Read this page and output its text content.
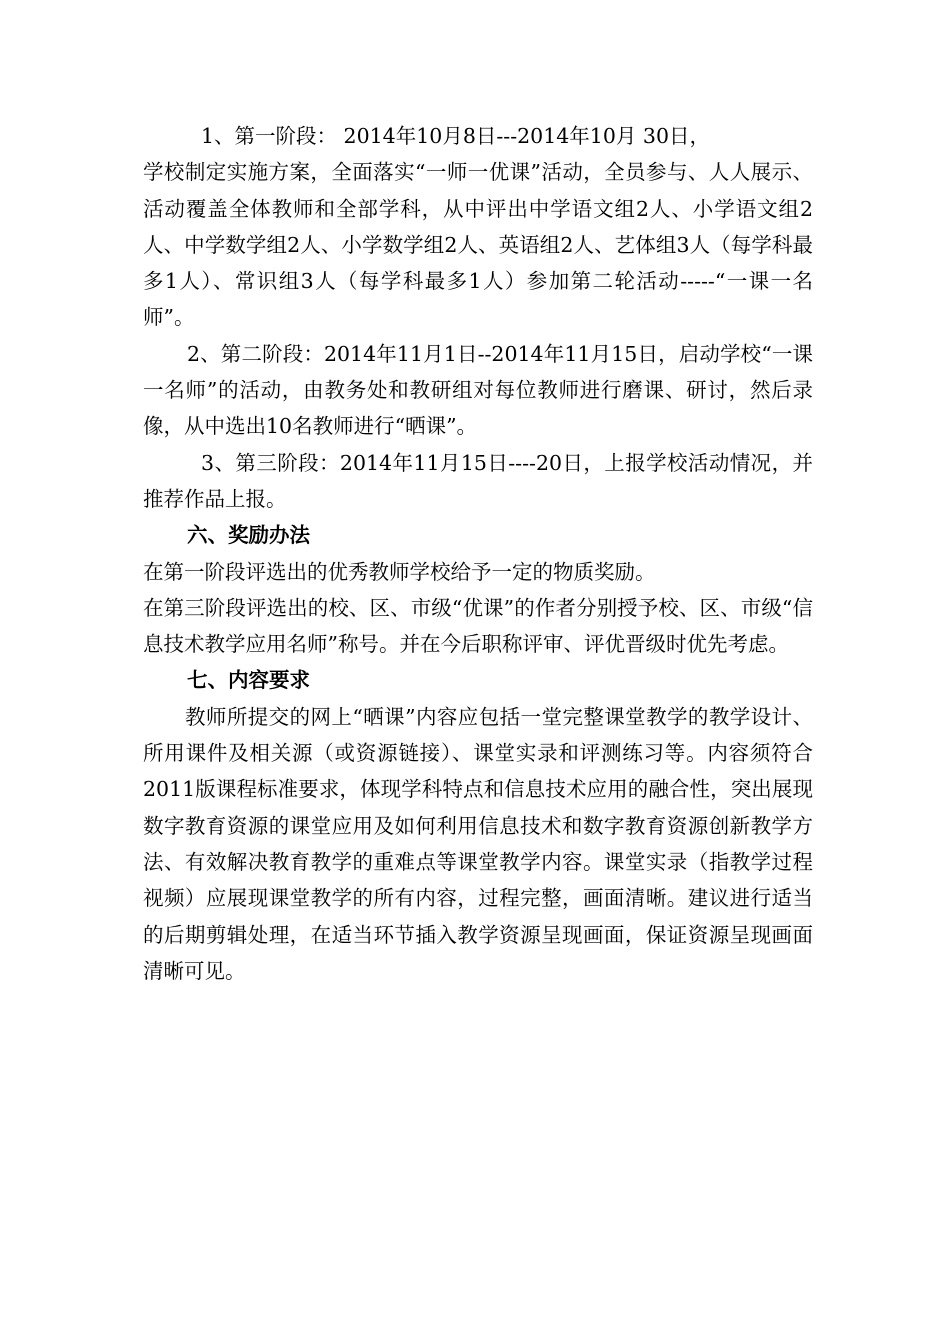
1、第一阶段： 2014年10月8日---2014年10月 30日，

学校制定实施方案，全面落实“一师一优课”活动，全员参与、人人展示、活动覆盖全体教师和全部学科，从中评出中学语文组2人、小学语文组2人、中学数学组2人、小学数学组2人、英语组2人、艺体组3人（每学科最多1人）、常识组3人（每学科最多1人）参加第二轮活动-----“一课一名师”。

2、第二阶段：2014年11月1日--2014年11月15日，启动学校“一课一名师”的活动，由教务处和教研组对每位教师进行磨课、研讨，然后录像，从中选出10名教师进行“晒课”。

3、第三阶段：2014年11月15日----20日，上报学校活动情况，并推荐作品上报。

六、奖励办法

在第一阶段评选出的优秀教师学校给予一定的物质奖励。

在第三阶段评选出的校、区、市级“优课”的作者分别授予校、区、市级“信息技术教学应用名师”称号。并在今后职称评审、评优晋级时优先考虑。

七、内容要求

教师所提交的网上“晒课”内容应包括一堂完整课堂教学的教学设计、所用课件及相关源（或资源链接）、课堂实录和评测练习等。内容须符合2011版课程标准要求，体现学科特点和信息技术应用的融合性，突出展现数字教育资源的课堂应用及如何利用信息技术和数字教育资源创新教学方法、有效解决教育教学的重难点等课堂教学内容。课堂实录（指教学过程视频）应展现课堂教学的所有内容，过程完整，画面清晰。建议进行适当的后期剪辑处理，在适当环节插入教学资源呈现画面，保证资源呈现画面清晰可见。
